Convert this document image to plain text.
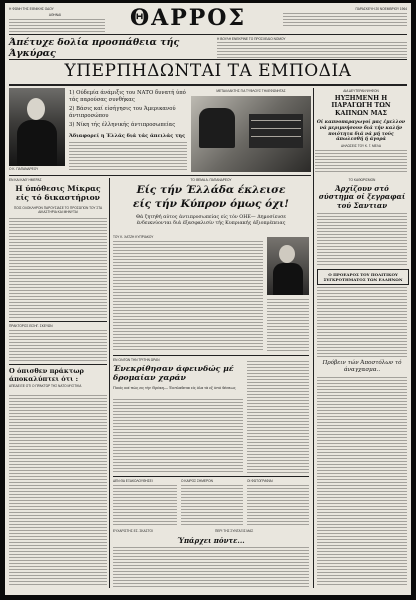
Η ΦΩΝΗ ΤΗΣ ΕΘΝΙΚΗΣ ΟΔΟΥ
ΑΘΗΝΑΙ	ΘΑΡΡΟΣ	ΠΑΡΑΣΚΕΥΗ 20 ΝΟΕΜΒΡΙΟΥ 1964
Άπέτυχε δολία προσπάθεια τής Άγκύρας
Η ΒΟΥΛΗ ΕΝΕΚΡΙΝΕ ΤΟ ΠΡΟΣΧΕΔΙΟ ΝΟΜΟΥ
ΥΠΕΡΠΗΔΩΝΤΑΙ ΤΑ ΕΜΠΟΔΙΑ
Ο Κ. ΠΑΠΑΝΔΡΕΟΥ
1) Ούδεμία άνάμιξις του ΝΑΤΟ δυνατή ύπό τάς παρούσας συνθήκας
2) Βάσις καί είσήγησις του Άμερικανού άντιπροσώπου
3) Νίκη τής έλληνικής άντιπροσωπείας
Άδιαφορεί η Έλλάς διά τάς άπειλάς της
ΜΕΤΑΛΛΑΚΤΗΣ ΓΙΑ ΤΥΦΛΟΥΣ ΤΗΛΕΦΩΝΗΤΑΣ	ΔΙΑ ΔΕΥΤΕΡΑΝ ΨΗΦΟΝ
ΗΥΞΗΜΕΝΗ Η ΠΑΡΑΓΩΓΗ ΤΩΝ ΚΑΠΝΩΝ ΜΑΣ
Οί καπνοπαραγωγοί μας έμελλον νά μεριμνήσουν διά τήν καλήν ποιότητα διά νά μή τούς άπωλεσθή ή άγορά
ΔΗΛΩΣΕΙΣ ΤΟΥ Κ. Γ. ΜΕΛΑ
ΕΝ ΚΑΙ ΚΑΘ' ΗΜΕΡΑΣ
Η ύπόθεσις Μίκρας είς τό δικαστήριον
ΠΟΙΣ ΟΛΟΚΛΗΡΟΝ ΠΑΡΟΥΣΙΑΣΕ ΤΟ ΠΡΟΣΩΠΟΝ ΤΟΥ ΣΤΑ ΔΙΚΑΣΤΗΡΙΑ ΚΑΙ ΜΗΝΥΤΑΙ
ΤΟ ΘΕΜΑ Α. ΠΑΠΑΝΔΡΕΟΥ
Είς τήν Έλλάδα έκλεισε
είς τήν Κύπρον όμως όχι!
Θά ζητηθή αύτος άντιπροσωπείας είς τόν ΟΗΕ— Δημοσίευσε ένδεικνύονται διά έξασφαλισίν τής Κυπριακής άξιοπρέπειας
ΤΟΥ Κ. ΧΑΤΖΗ ΚΥΠΡΙΑΚΟΥ
ΤΟ ΚΑΘΩΡΙΣΜΟΝ
Άρχίζουν στό σύστημα οί ξεγραφαί τού Σαντιαν
Ο ΠΡΟΕΔΡΟΣ ΤΟΥ ΠΟΛΙΤΙΚΟΥ ΣΥΓΚΡΟΤΗΜΑΤΟΣ ΤΩΝ ΕΛΛΗΝΩΝ
Πρόβειν τών Άποστόλων τό άναγχασμα..
ΠΡΑΚΤΟΡΟΣ ΕΙΣΗΓ. ΣΚΕΥΩΝ
Ο όπισθεν πράκτωρ άποκαλύπτει ότι :
ΑΠΕΔΕΙΞΕ ΟΤΙ Ο ΠΡΑΚΤΩΡ ΤΗΣ ΝΑΤΟ ΜΥΣΤΙΚΑ
ΕΝ ΟΛΙΓΩΝ ΤΗΝ ΤΡΙΤΗΝ ΩΡΑΝ
Ένεκρίθησαν άφεινδώς μέ δρομαίαν χαράν
Ποιός καί πώς εις τήν Θράκη— Έκπλαθεται είς όλα τά εξ ύπό θέσεως
ΔΕΝ ΘΑ ΕΞΑΚΟΛΟΥΘΗΣΕΙ	Ο ΚΑΙΡΟΣ ΣΗΜΕΡΟΝ	ΟΙ ΦΩΤΟΓΡΑΦΙΑΙ
ΕΥΧΑΡΙΣΤΗΣ ΕΣ. ΣΚΑΣΤΟΙ	ΠΕΡΙ ΤΗΣ ΣΥΝΤΑΞΙΣ ΜΑΣ
Ύπάρχει πόντε...
